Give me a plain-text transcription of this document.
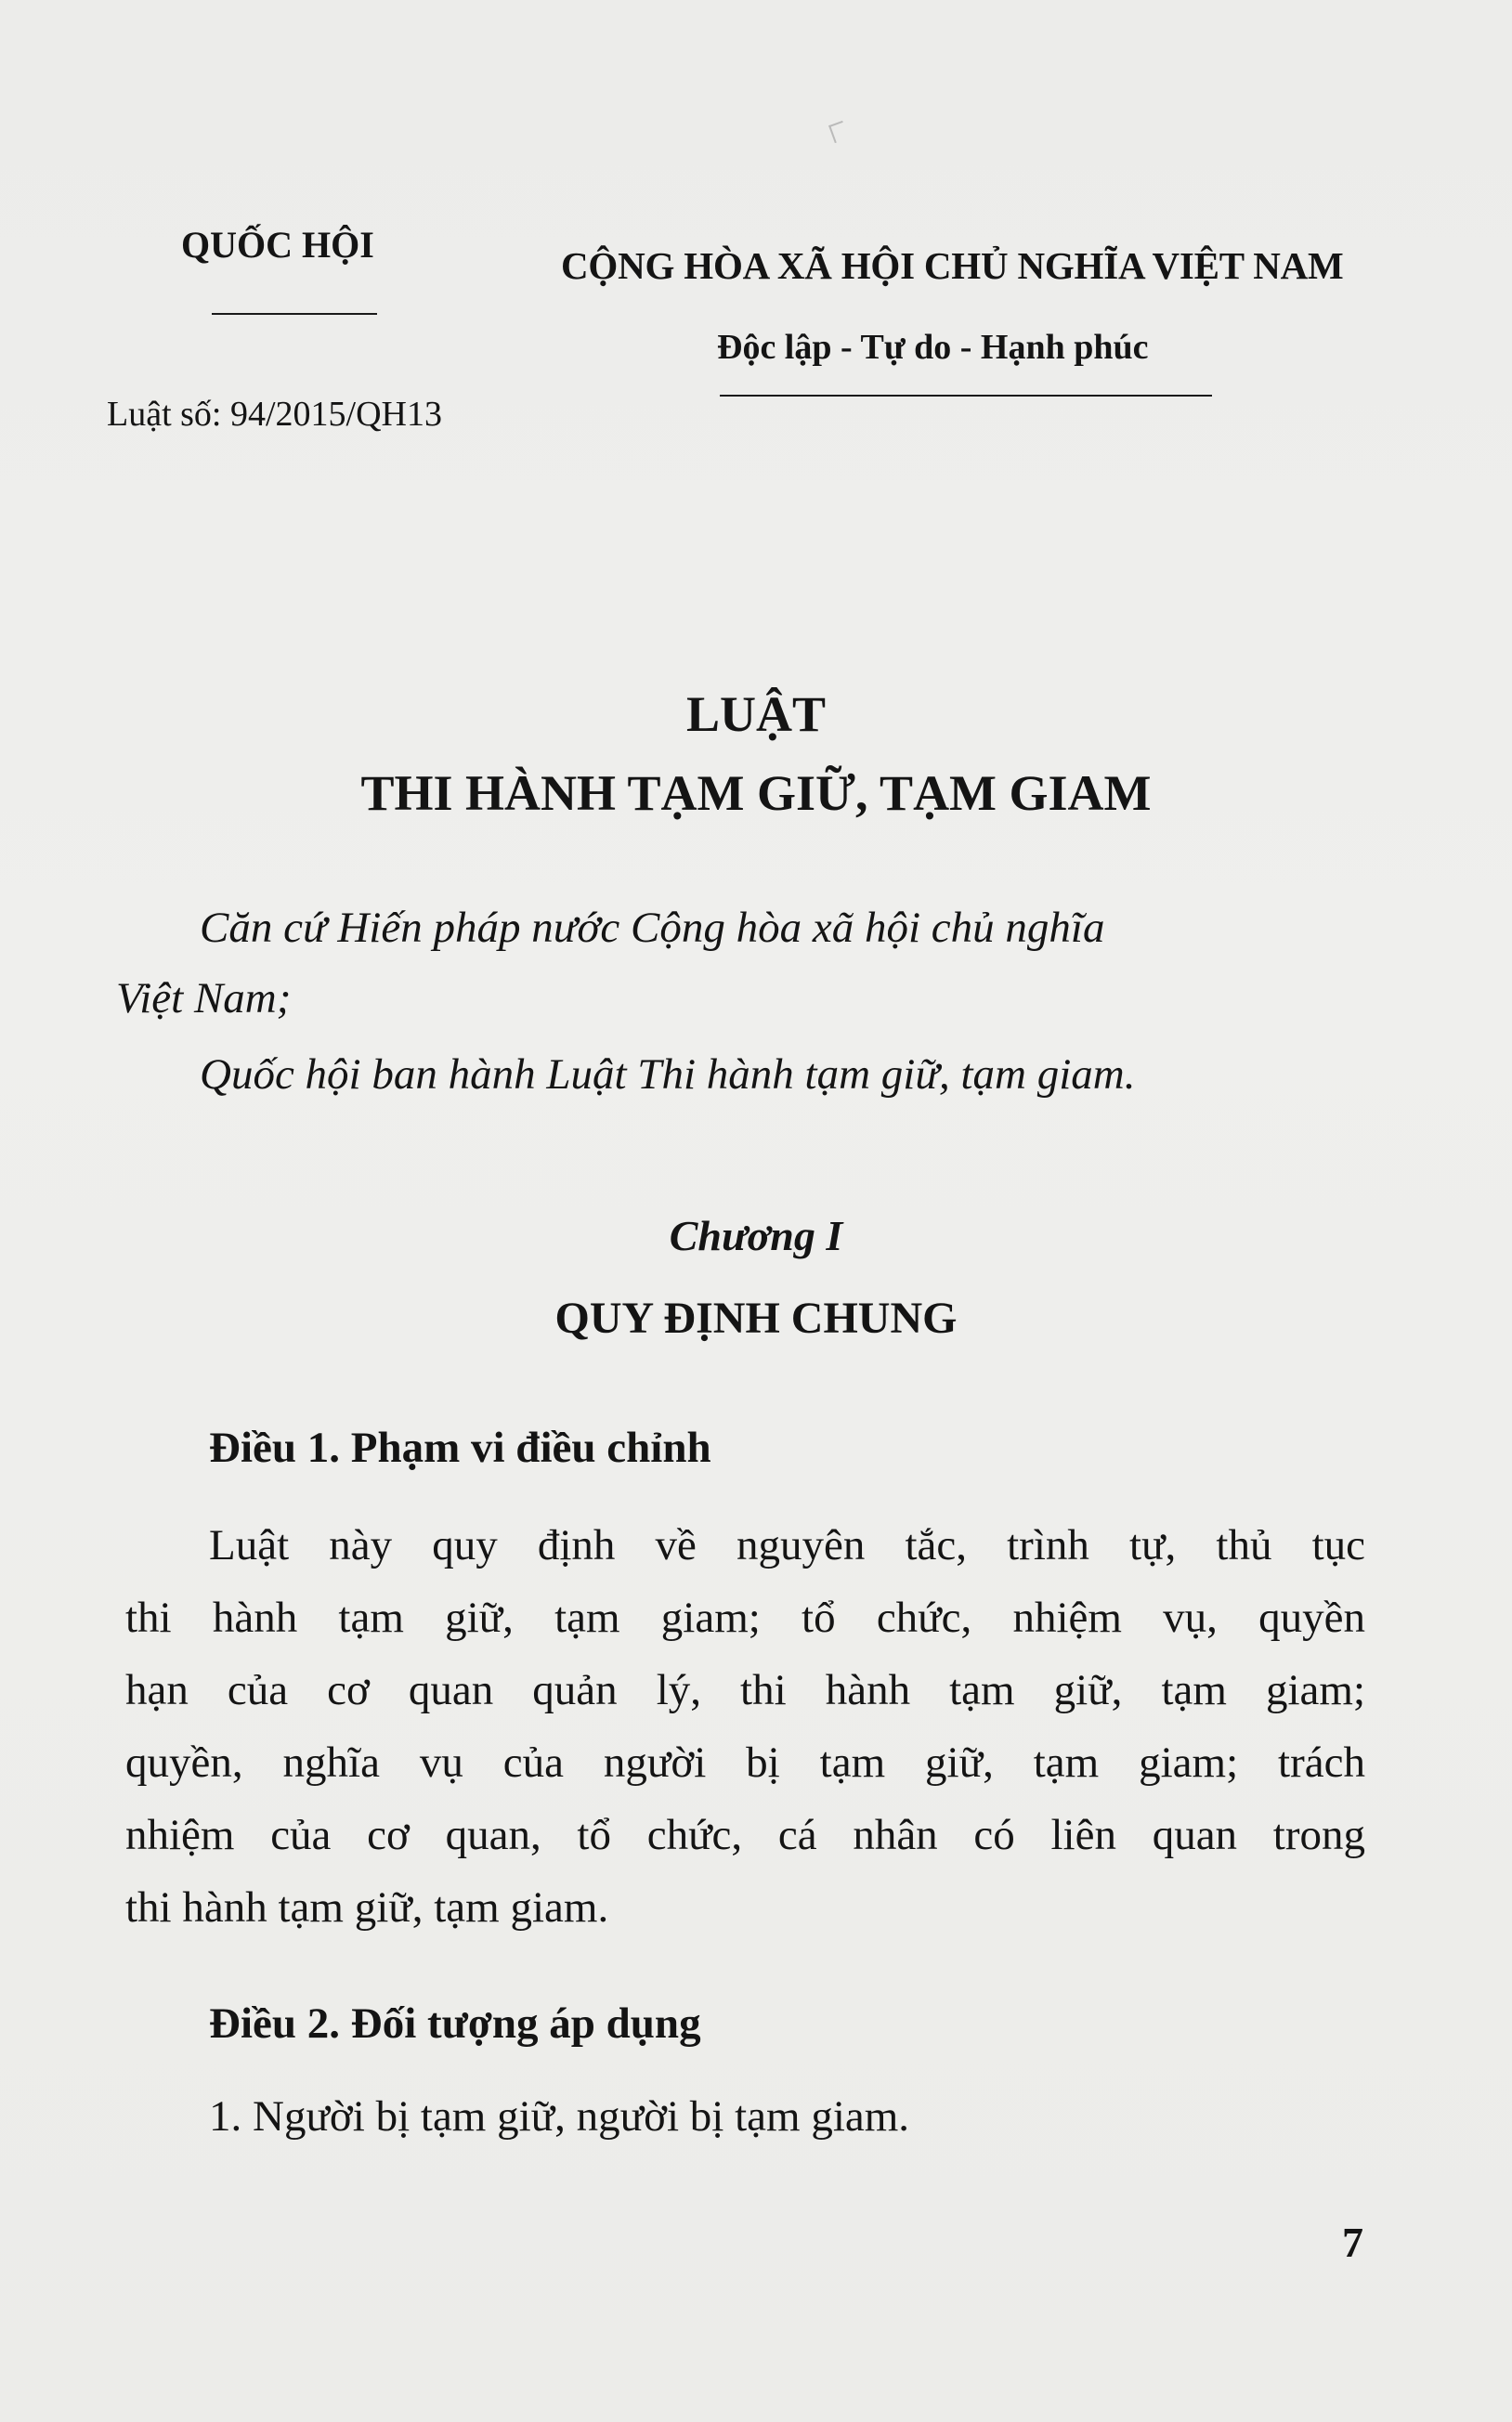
QUỐC HỘI	CỘNG HÒA XÃ HỘI CHỦ NGHĨA VIỆT NAM
Độc lập - Tự do - Hạnh phúc
Luật số: 94/2015/QH13
LUẬT
THI HÀNH TẠM GIỮ, TẠM GIAM
Căn cứ Hiến pháp nước Cộng hòa xã hội chủ nghĩa
Việt Nam;
Quốc hội ban hành Luật Thi hành tạm giữ, tạm giam.
Chương I
QUY ĐỊNH CHUNG
Điều 1. Phạm vi điều chỉnh
Luật này quy định về nguyên tắc, trình tự, thủ tục
thi hành tạm giữ, tạm giam; tổ chức, nhiệm vụ, quyền
hạn của cơ quan quản lý, thi hành tạm giữ, tạm giam;
quyền, nghĩa vụ của người bị tạm giữ, tạm giam; trách
nhiệm của cơ quan, tổ chức, cá nhân có liên quan trong
thi hành tạm giữ, tạm giam.
Điều 2. Đối tượng áp dụng
1. Người bị tạm giữ, người bị tạm giam.
7
